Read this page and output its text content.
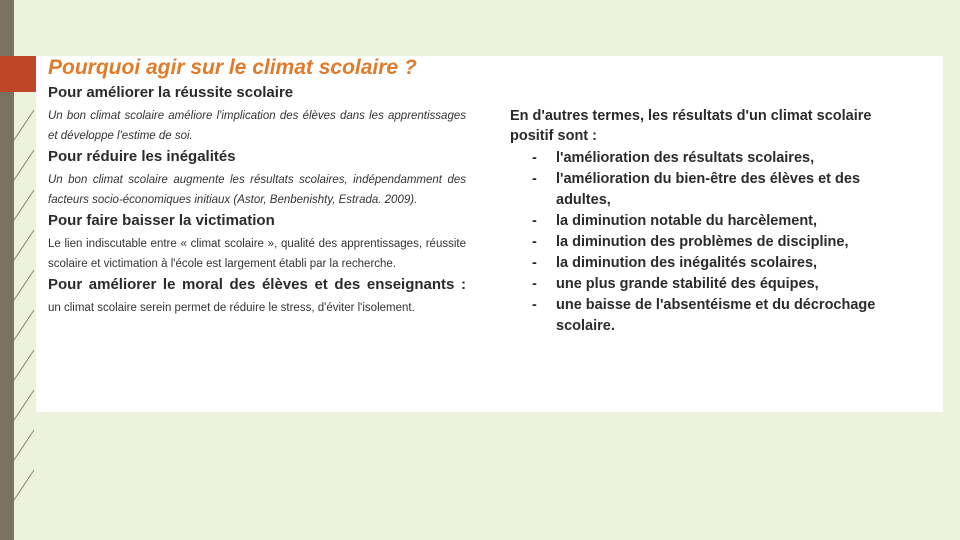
Pourquoi agir sur le climat scolaire ?
Pour améliorer la réussite scolaire
Un bon climat scolaire améliore l'implication des élèves dans les apprentissages et développe l'estime de soi.
Pour réduire les inégalités
Un bon climat scolaire augmente les résultats scolaires, indépendamment des facteurs socio-économiques initiaux (Astor, Benbenishty, Estrada. 2009).
Pour faire baisser la victimation
Le lien indiscutable entre « climat scolaire », qualité des apprentissages, réussite scolaire et victimation à l'école est largement établi par la recherche.
Pour améliorer le moral des élèves et des enseignants :
un climat scolaire serein permet de réduire le stress, d'éviter l'isolement.
En d'autres termes, les résultats d'un climat scolaire positif sont :
- l'amélioration des résultats scolaires,
- l'amélioration du bien-être des élèves et des adultes,
- la diminution notable du harcèlement,
- la diminution des problèmes de discipline,
- la diminution des inégalités scolaires,
- une plus grande stabilité des équipes,
- une baisse de l'absentéisme et du décrochage scolaire.
